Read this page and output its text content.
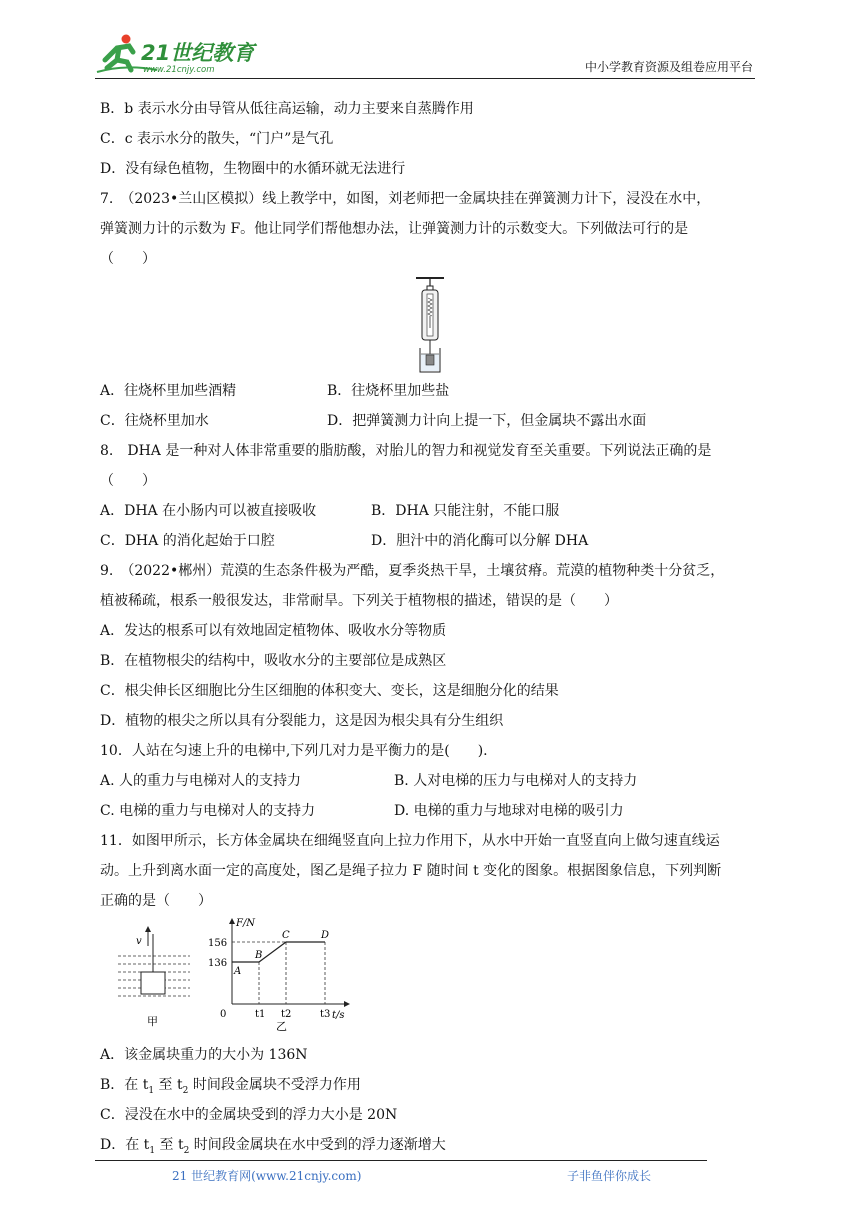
21世纪教育
www.21cnjy.com	中小学教育资源及组卷应用平台
B．b 表示水分由导管从低往高运输，动力主要来自蒸腾作用
C．c 表示水分的散失，“门户”是气孔
D．没有绿色植物，生物圈中的水循环就无法进行
7.　（2023•兰山区模拟）线上教学中，如图，刘老师把一金属块挂在弹簧测力计下，浸没在水中，
弹簧测力计的示数为 F。他让同学们帮他想办法，让弹簧测力计的示数变大。下列做法可行的是
（　　）
A．往烧杯里加些酒精	B．往烧杯里加些盐
C．往烧杯里加水	D．把弹簧测力计向上提一下，但金属块不露出水面
8.　DHA 是一种对人体非常重要的脂肪酸，对胎儿的智力和视觉发育至关重要。下列说法正确的是
（　　）
A．DHA 在小肠内可以被直接吸收	B．DHA 只能注射，不能口服
C．DHA 的消化起始于口腔	D．胆汁中的消化酶可以分解 DHA
9.　（2022•郴州）荒漠的生态条件极为严酷，夏季炎热干旱，土壤贫瘠。荒漠的植物种类十分贫乏，
植被稀疏，根系一般很发达，非常耐旱。下列关于植物根的描述，错误的是（　　）
A．发达的根系可以有效地固定植物体、吸收水分等物质
B．在植物根尖的结构中，吸收水分的主要部位是成熟区
C．根尖伸长区细胞比分生区细胞的体积变大、变长，这是细胞分化的结果
D．植物的根尖之所以具有分裂能力，这是因为根尖具有分生组织
10．人站在匀速上升的电梯中,下列几对力是平衡力的是(　　).
A. 人的重力与电梯对人的支持力	B. 人对电梯的压力与电梯对人的支持力
C. 电梯的重力与电梯对人的支持力	D. 电梯的重力与地球对电梯的吸引力
11．如图甲所示，长方体金属块在细绳竖直向上拉力作用下，从水中开始一直竖直向上做匀速直线运
动。上升到离水面一定的高度处，图乙是绳子拉力 F 随时间 t 变化的图象。根据图象信息，下列判断
正确的是（　　）
v
甲
F/N
t/s
0
156
136
A
B
C	D
t1 t2	t3
乙
A．该金属块重力的大小为 136N
B．在 $t_1$ 至 $t_2$ 时间段金属块不受浮力作用
C．浸没在水中的金属块受到的浮力大小是 20N
D．在 $t_1$ 至 $t_2$ 时间段金属块在水中受到的浮力逐渐增大
21 世纪教育网(www.21cnjy.com)	子非鱼伴你成长
